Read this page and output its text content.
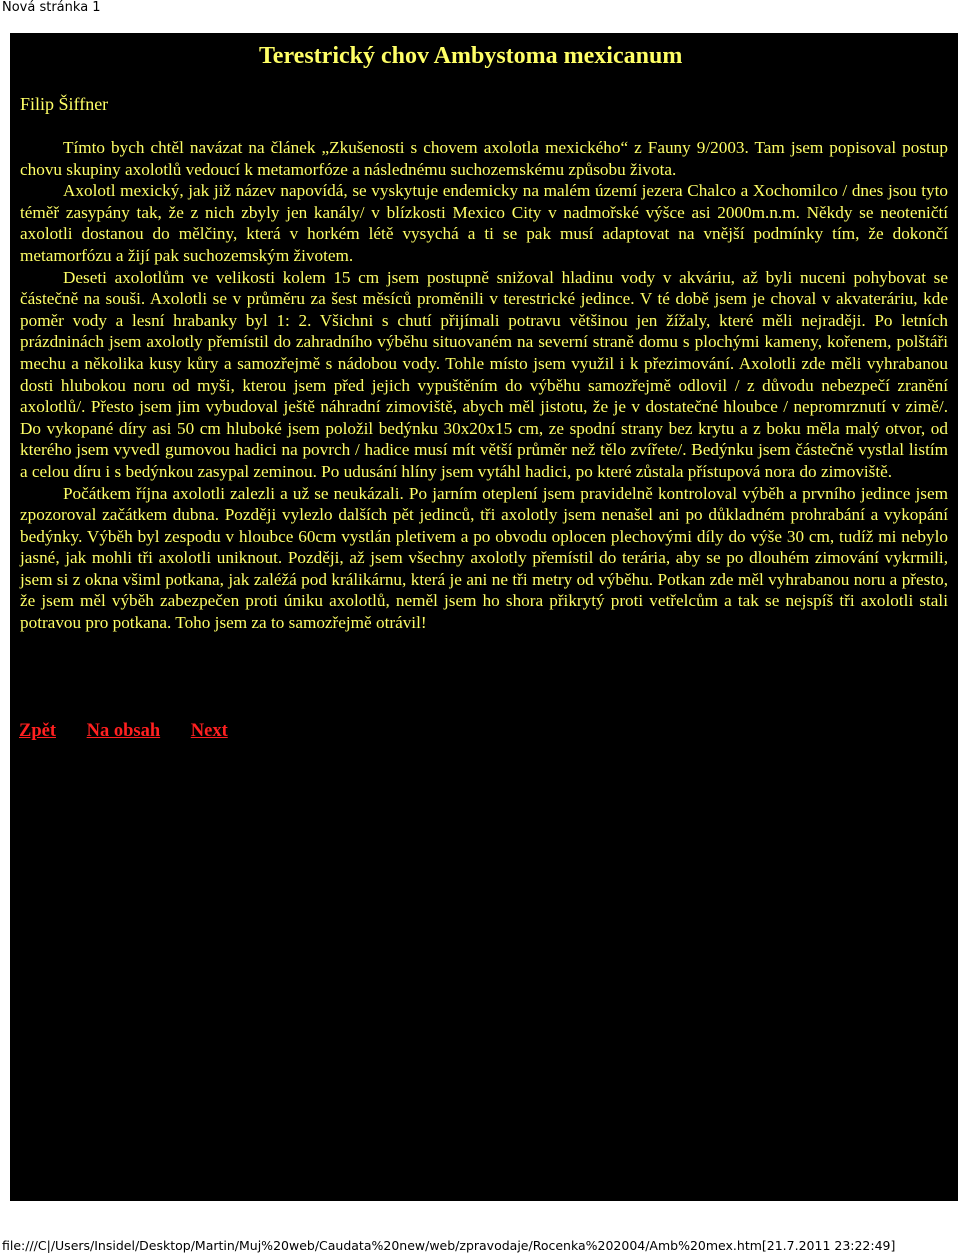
Nová stránka 1
Terestrický chov Ambystoma mexicanum
Filip Šiffner

Tímto bych chtěl navázat na článek „Zkušenosti s chovem axolotla mexického“ z Fauny 9/2003. Tam jsem popisoval postup chovu skupiny axolotlů vedoucí k metamorfóze a následnému suchozemskému způsobu života.

Axolotl mexický, jak již název napovídá, se vyskytuje endemicky na malém území jezera Chalco a Xochomilco / dnes jsou tyto téměř zasypány tak, že z nich zbyly jen kanály/ v blízkosti Mexico City v nadmořské výšce asi 2000m.n.m. Někdy se neoteničtí axolotli dostanou do mělčiny, která v horkém létě vysychá a ti se pak musí adaptovat na vnější podmínky tím, že dokončí metamorfózu a žijí pak suchozemským životem.

Deseti axolotlům ve velikosti kolem 15 cm jsem postupně snižoval hladinu vody v akváriu, až byli nuceni pohybovat se částečně na souši. Axolotli se v průměru za šest měsíců proměnili v terestrické jedince. V té době jsem je choval v akvateráriu, kde poměr vody a lesní hrabanky byl 1: 2. Všichni s chutí přijímali potravu většinou jen žížaly, které měli nejraději. Po letních prázdninách jsem axolotly přemístil do zahradního výběhu situovaném na severní straně domu s plochými kameny, kořenem, polštáři mechu a několika kusy kůry a samozřejmě s nádobou vody. Tohle místo jsem využil i k přezimování. Axolotli zde měli vyhrabanou dosti hlubokou noru od myši, kterou jsem před jejich vypuštěním do výběhu samozřejmě odlovil / z důvodu nebezpečí zranění axolotlů/. Přesto jsem jim vybudoval ještě náhradní zimoviště, abych měl jistotu, že je v dostatečné hloubce / nepromrznutí v zimě/. Do vykopané díry asi 50 cm hluboké jsem položil bedýnku 30x20x15 cm, ze spodní strany bez krytu a z boku měla malý otvor, od kterého jsem vyvedl gumovou hadici na povrch / hadice musí mít větší průměr než tělo zvířete/. Bedýnku jsem částečně vystlal listím a celou díru i s bedýnkou zasypal zeminou. Po udusání hlíny jsem vytáhl hadici, po které zůstala přístupová nora do zimoviště.

Počátkem října axolotli zalezli a už se neukázali. Po jarním oteplení jsem pravidelně kontroloval výběh a prvního jedince jsem zpozoroval začátkem dubna. Později vylezlo dalších pět jedinců, tři axolotly jsem nenašel ani po důkladném prohrabání a vykopání bedýnky. Výběh byl zespodu v hloubce 60cm vystlán pletivem a po obvodu oplocen plechovými díly do výše 30 cm, tudíž mi nebylo jasné, jak mohli tři axolotli uniknout. Později, až jsem všechny axolotly přemístil do terária, aby se po dlouhém zimování vykrmili, jsem si z okna všiml potkana, jak zaléžá pod králikárnu, která je ani ne tři metry od výběhu. Potkan zde měl vyhrabanou noru a přesto, že jsem měl výběh zabezpečen proti úniku axolotlů, neměl jsem ho shora přikrytý proti vetřelcům a tak se nejspíš tři axolotli stali potravou pro potkana. Toho jsem za to samozřejmě otrávil!

Zpět Na obsah Next
file:///C|/Users/Insidel/Desktop/Martin/Muj%20web/Caudata%20new/web/zpravodaje/Rocenka%202004/Amb%20mex.htm[21.7.2011 23:22:49]
